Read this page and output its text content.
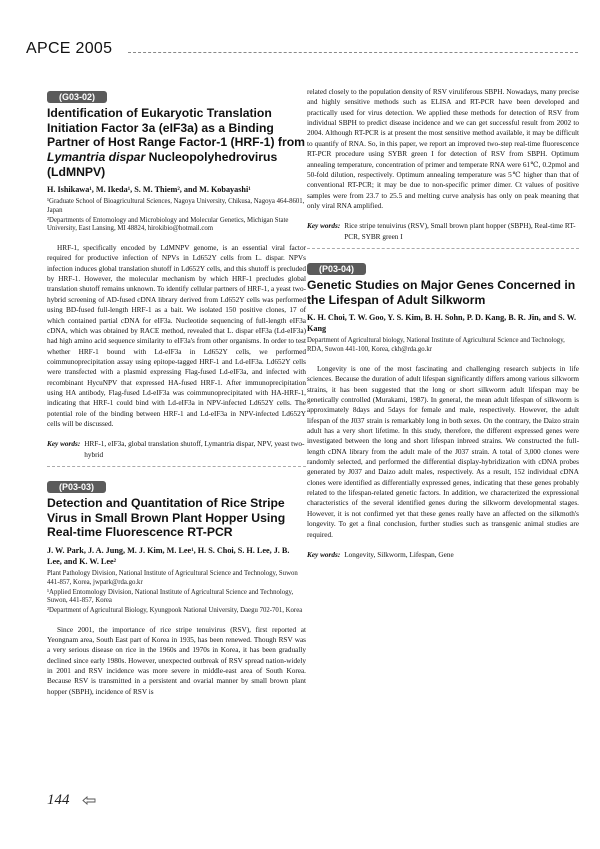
APCE 2005
(G03-02)
Identification of Eukaryotic Translation Initiation Factor 3a (eIF3a) as a Binding Partner of Host Range Factor-1 (HRF-1) from Lymantria dispar Nucleopolyhedrovirus (LdMNPV)
H. Ishikawa¹, M. Ikeda¹, S. M. Thiem², and M. Kobayashi¹
¹Graduate School of Bioagricultural Sciences, Nagoya University, Chikusa, Nagoya 464-8601, Japan
²Departments of Entomology and Microbiology and Molecular Genetics, Michigan State University, East Lansing, MI 48824, hirokibio@hotmail.com
HRF-1, specifically encoded by LdMNPV genome, is an essential viral factor required for productive infection of NPVs in Ld652Y cells from L. dispar. NPVs infection induces global translation shutoff in Ld652Y cells, and this shutoff is precluded by HRF-1. However, the molecular mechanism by which HRF-1 precludes global translation shutoff remains unknown. To identify cellular partners of HRF-1, a yeast two-hybrid screening of AD-fused cDNA library derived from Ld652Y cells was performed using BD-fused full-length HRF-1 as a bait. We isolated 150 positive clones, 17 of which contained partial cDNA for eIF3a. Nucleotide sequencing of full-length eIF3a cDNA, which was obtained by RACE method, revealed that L. dispar eIF3a (Ld-eIF3a) had high amino acid sequence similarity to eIF3a's from other organisms. In order to test whether HRF-1 bound with Ld-eIF3a in Ld652Y cells, we performed coimmunoprecipitation assay using epitope-tagged HRF-1 and Ld-eIF3a. Ld652Y cells were transfected with a plasmid expressing Flag-fused Ld-eIF3a, and infected with recombinant HycuNPV that expressed HA-fused HRF-1. After immunoprecipitation using HA antibody, Flag-fused Ld-eIF3a was coimmunoprecipitated with HA-HRF-1, indicating that HRF-1 could bind with Ld-eIF3a in NPV-infected Ld652Y cells. The potential role of the binding between HRF-1 and Ld-eIF3a in NPV-infected Ld652Y cells will be discussed.
Key words: HRF-1, eIF3a, global translation shutoff, Lymantria dispar, NPV, yeast two-hybrid
(P03-03)
Detection and Quantitation of Rice Stripe Virus in Small Brown Plant Hopper Using Real-time Fluorescence RT-PCR
J. W. Park, J. A. Jung, M. J. Kim, M. Lee¹, H. S. Choi, S. H. Lee, J. B. Lee, and K. W. Lee²
Plant Pathology Division, National Institute of Agricultural Science and Technology, Suwon 441-857, Korea, jwpark@rda.go.kr
¹Applied Entomology Division, National Institute of Agricultural Science and Technology, Suwon, 441-857, Korea
²Department of Agricultural Biology, Kyungpook National University, Daegu 702-701, Korea
Since 2001, the importance of rice stripe tenuivirus (RSV), first reported at Yeongnam area, South East part of Korea in 1935, has been renewed. Though RSV was a very serious disease on rice in the 1960s and 1970s in Korea, it has been gradually declined since early 1980s. However, unexpected outbreak of RSV spread nation-widely in 2001 and RSV incidence was more severe in middle-east area of South Korea. Because RSV is transmitted in a persistent and ovarial manner by small brown plant hopper (SBPH), incidence of RSV is
related closely to the population density of RSV viruliferous SBPH. Nowadays, many precise and highly sensitive methods such as ELISA and RT-PCR have been developed and practically used for virus detection. We applied these methods for detection of RSV from individual SBPH to predict disease incidence and we can get successful result from 2002 to 2004. Although RT-PCR is at present the most sensitive method available, it may be difficult to quantify of RNA. So, in this paper, we report an improved two-step real-time fluorescence RT-PCR procedure using SYBR green I for detection of RSV from SBPH. Optimum annealing temperature, concentration of primer and temperate RNA were 61℃, 0.2pmol and 50-fold dilution, respectively. Optimum annealing temperature was 5℃ higher than that of conventional RT-PCR; it may be due to non-specific primer dimer. Ct values of positive samples were from 23.7 to 25.5 and melting curve analysis has only on peak meaning that only viral RNA amplified.
Key words: Rice stripe tenuivirus (RSV), Small brown plant hopper (SBPH), Real-time RT-PCR, SYBR green I
(P03-04)
Genetic Studies on Major Genes Concerned in the Lifespan of Adult Silkworm
K. H. Choi, T. W. Goo, Y. S. Kim, B. H. Sohn, P. D. Kang, B. R. Jin, and S. W. Kang
Department of Agricultural biology, National Institute of Agricultural Science and Technology, RDA, Suwon 441-100, Korea, ckh@rda.go.kr
Longevity is one of the most fascinating and challenging research subjects in life sciences. Because the duration of adult lifespan significantly differs among various silkworm strains, it has been suggested that the long or short silkworm adult lifespan may be genetically controlled (Murakami, 1987). In general, the mean adult lifespan of silkworm is approximately 8days and 5days for female and male, respectively. However, the adult lifespan of the J037 strain is remarkably long in both sexes. On the contrary, the Daizo strain adult has a very short lifetime. In this study, therefore, the different expressed genes were investigated between the long and short lifespan inbreed strains. We constructed the full-length cDNA library from the adult male of the J037 strain. A total of 3,000 clones were randomly selected, and performed the differential display-hybridization with cDNA probes generated by J037 and Daizo adult males, respectively. As a result, 152 individual cDNA clones were identified as differentially expressed genes, indicating that these genes probably related to the lifespan-related genetic factors. In addition, we characterized the expressional characteristics of the several identified genes during the silkworm developmental stages. However, it is not confirmed yet that these genes really have an affected on the silkmoth's longevity. To get a final conclusion, further studies such as transgenic animal studies are required.
Key words: Longevity, Silkworm, Lifespan, Gene
144
